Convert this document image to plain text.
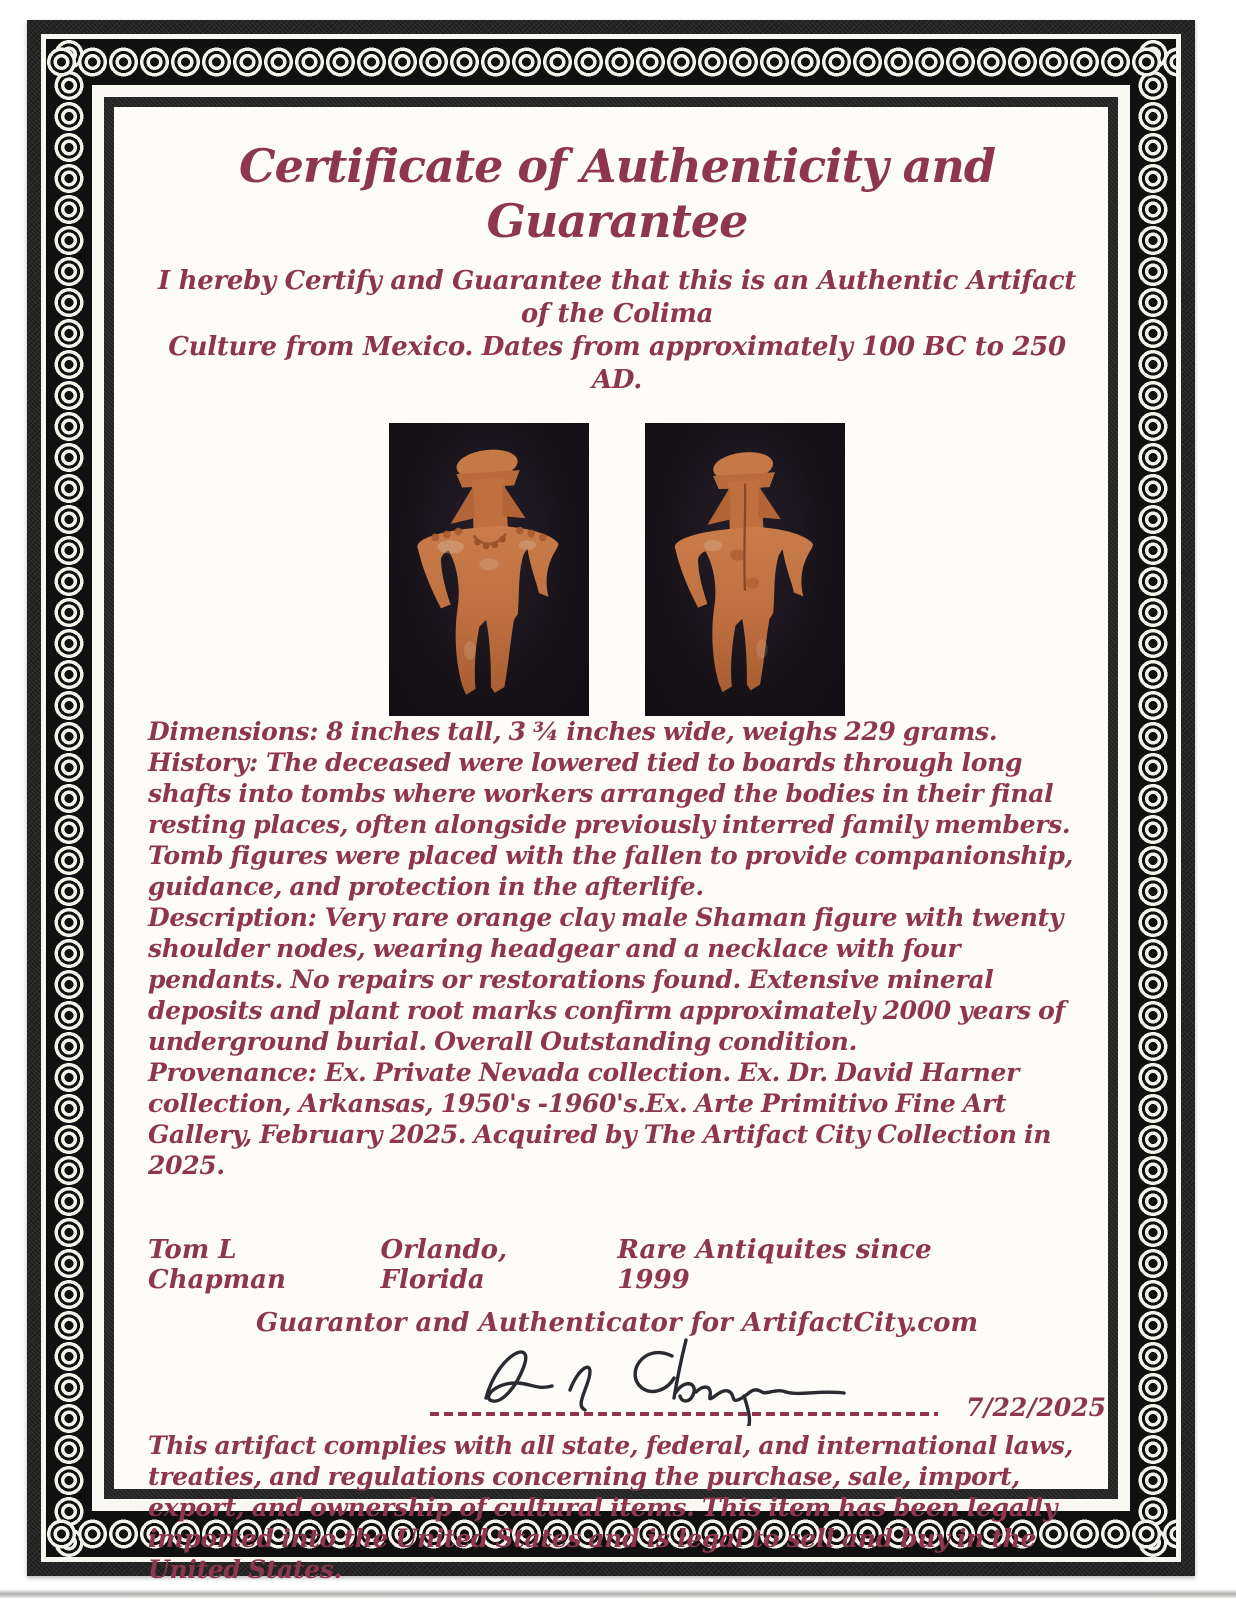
Certificate of Authenticity and Guarantee
I hereby Certify and Guarantee that this is an Authentic Artifact of the Colima
Culture from Mexico. Dates from approximately 100 BC to 250 AD.

Dimensions: 8 inches tall, 3 ¾ inches wide, weighs 229 grams.

History: The deceased were lowered tied to boards through long shafts into tombs where workers arranged the bodies in their final resting places, often alongside previously interred family members. Tomb figures were placed with the fallen to provide companionship, guidance, and protection in the afterlife.

Description: Very rare orange clay male Shaman figure with twenty shoulder nodes, wearing headgear and a necklace with four pendants. No repairs or restorations found. Extensive mineral deposits and plant root marks confirm approximately 2000 years of underground burial. Overall Outstanding condition.

Provenance: Ex. Private Nevada collection. Ex. Dr. David Harner collection, Arkansas, 1950's -1960's.Ex. Arte Primitivo Fine Art Gallery, February 2025. Acquired by The Artifact City Collection in 2025.

Tom L Chapman
Orlando, Florida
Rare Antiquites since 1999
Guarantor and Authenticator for ArtifactCity.com
7/22/2025

This artifact complies with all state, federal, and international laws, treaties, and regulations concerning the purchase, sale, import, export, and ownership of cultural items. This item has been legally imported into the United States and is legal to sell and buy in the United States.
